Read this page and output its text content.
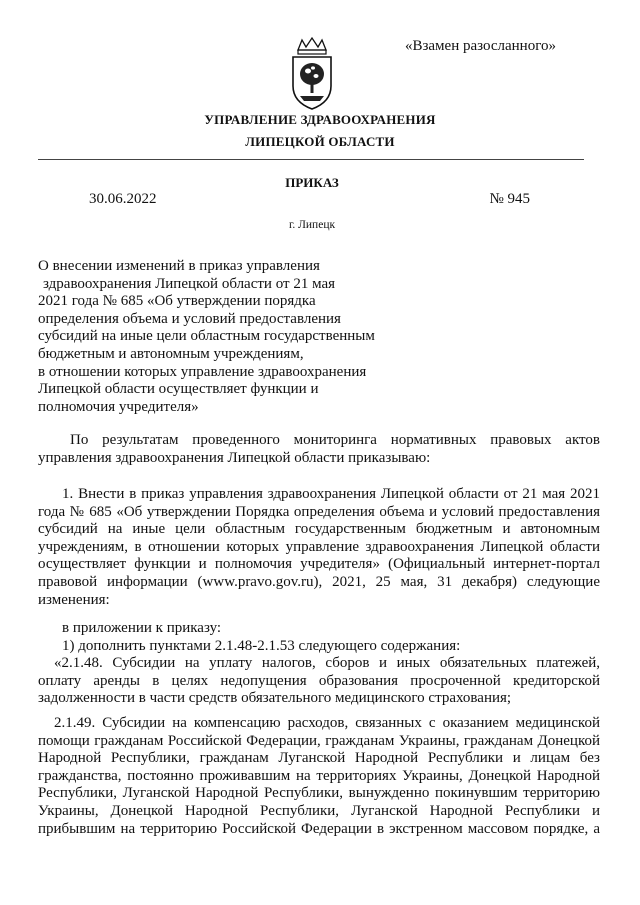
«Взамен разосланного»
УПРАВЛЕНИЕ ЗДРАВООХРАНЕНИЯ
ЛИПЕЦКОЙ ОБЛАСТИ
ПРИКАЗ
30.06.2022	№ 945
г. Липецк
О внесении изменений в приказ управления
здравоохранения Липецкой области от 21 мая
2021 года № 685 «Об утверждении порядка
определения объема и условий предоставления
субсидий на иные цели областным государственным
бюджетным и автономным учреждениям,
в отношении которых управление здравоохранения
Липецкой области осуществляет функции и
полномочия учредителя»
По результатам проведенного мониторинга нормативных правовых актов
управления здравоохранения Липецкой области приказываю:
1. Внести в приказ управления здравоохранения Липецкой области от 21 мая 2021
года № 685 «Об утверждении Порядка определения объема и условий предоставления
субсидий на иные цели областным государственным бюджетным и автономным
учреждениям, в отношении которых управление здравоохранения Липецкой области
осуществляет функции и полномочия учредителя» (Официальный интернет-портал
правовой информации (www.pravo.gov.ru), 2021, 25 мая, 31 декабря) следующие
изменения:
в приложении к приказу:
1) дополнить пунктами 2.1.48-2.1.53 следующего содержания:
«2.1.48. Субсидии на уплату налогов, сборов и иных обязательных платежей,
оплату аренды в целях недопущения образования просроченной кредиторской
задолженности в части средств обязательного медицинского страхования;
2.1.49. Субсидии на компенсацию расходов, связанных с оказанием медицинской
помощи гражданам Российской Федерации, гражданам Украины, гражданам Донецкой
Народной Республики, гражданам Луганской Народной Республики и лицам без
гражданства, постоянно проживавшим на территориях Украины, Донецкой Народной
Республики, Луганской Народной Республики, вынужденно покинувшим территорию
Украины, Донецкой Народной Республики, Луганской Народной Республики и
прибывшим на территорию Российской Федерации в экстренном массовом порядке, а
